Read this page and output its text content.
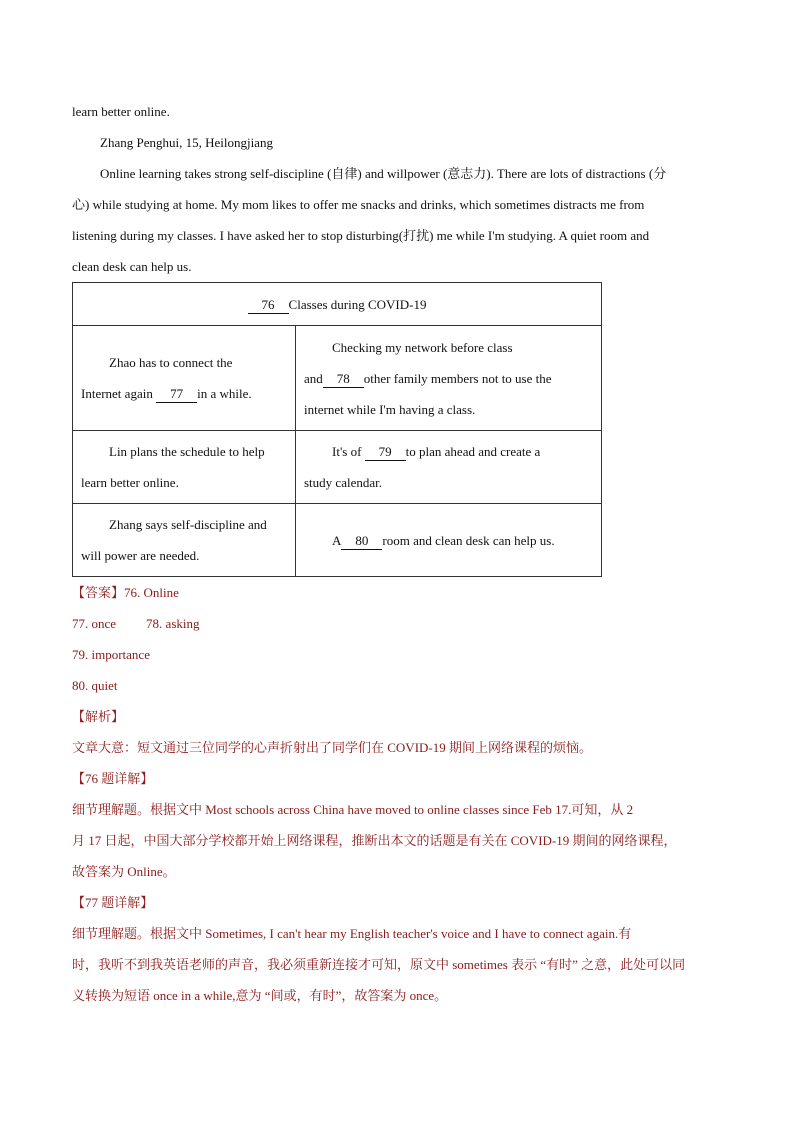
learn better online.

Zhang Penghui, 15, Heilongjiang

Online learning takes strong self-discipline (自律) and willpower (意志力). There are lots of distractions (分

心) while studying at home. My mom likes to offer me snacks and drinks, which sometimes distracts me from

listening during my classes. I have asked her to stop disturbing(打扰) me while I'm studying. A quiet room and

clean desk can help us.

76 Classes during COVID-19	

Zhao has to connect the
Internet again 77 in a while.	Checking my network before class
and 78 other family members not to use the
internet while I'm having a class.

Lin plans the schedule to help
learn better online.	It's of 79 to plan ahead and create a
study calendar.

Zhang says self-discipline and
will power are needed.	A 80 room and clean desk can help us.

【答案】76. Online

77. once 78. asking

79. importance

80. quiet

【解析】

文章大意：短文通过三位同学的心声折射出了同学们在 COVID-19 期间上网络课程的烦恼。

【76 题详解】

细节理解题。根据文中 Most schools across China have moved to online classes since Feb 17.可知，从 2

月 17 日起，中国大部分学校都开始上网络课程，推断出本文的话题是有关在 COVID-19 期间的网络课程，

故答案为 Online。

【77 题详解】

细节理解题。根据文中 Sometimes, I can't hear my English teacher's voice and I have to connect again.有

时，我听不到我英语老师的声音，我必须重新连接才可知，原文中 sometimes 表示 “有时” 之意，此处可以同

义转换为短语 once in a while,意为 “间或，有时”，故答案为 once。
